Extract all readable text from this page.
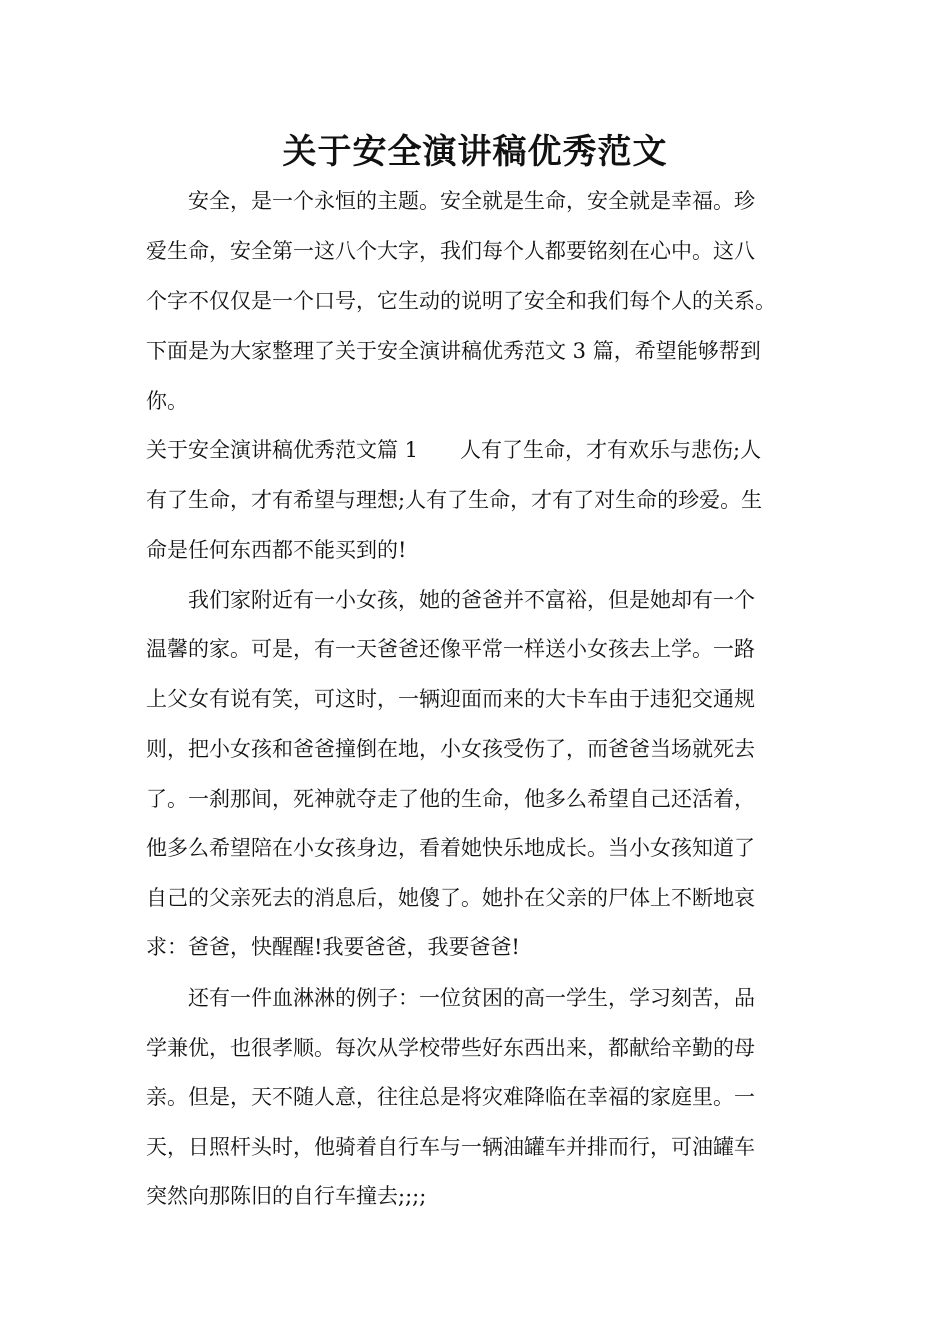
关于安全演讲稿优秀范文
　　安全，是一个永恒的主题。安全就是生命，安全就是幸福。珍
爱生命，安全第一这八个大字，我们每个人都要铭刻在心中。这八
个字不仅仅是一个口号，它生动的说明了安全和我们每个人的关系。
下面是为大家整理了关于安全演讲稿优秀范文 3 篇，希望能够帮到
你。
关于安全演讲稿优秀范文篇 1　　人有了生命，才有欢乐与悲伤;人
有了生命，才有希望与理想;人有了生命，才有了对生命的珍爱。生
命是任何东西都不能买到的!
　　我们家附近有一小女孩，她的爸爸并不富裕，但是她却有一个
温馨的家。可是，有一天爸爸还像平常一样送小女孩去上学。一路
上父女有说有笑，可这时，一辆迎面而来的大卡车由于违犯交通规
则，把小女孩和爸爸撞倒在地，小女孩受伤了，而爸爸当场就死去
了。一刹那间，死神就夺走了他的生命，他多么希望自己还活着，
他多么希望陪在小女孩身边，看着她快乐地成长。当小女孩知道了
自己的父亲死去的消息后，她傻了。她扑在父亲的尸体上不断地哀
求：爸爸，快醒醒!我要爸爸，我要爸爸!
　　还有一件血淋淋的例子：一位贫困的高一学生，学习刻苦，品
学兼优，也很孝顺。每次从学校带些好东西出来，都献给辛勤的母
亲。但是，天不随人意，往往总是将灾难降临在幸福的家庭里。一
天，日照杆头时，他骑着自行车与一辆油罐车并排而行，可油罐车
突然向那陈旧的自行车撞去;;;;
